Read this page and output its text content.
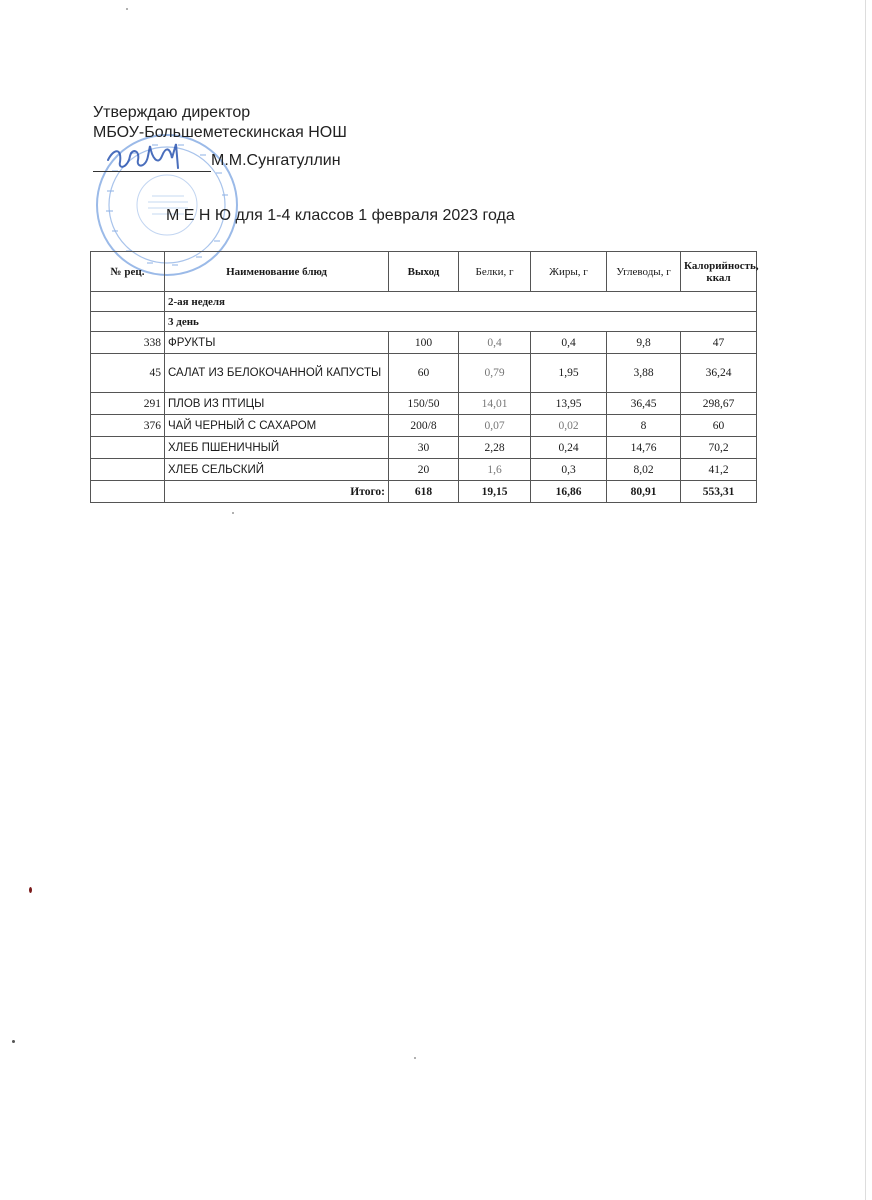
Утверждаю директор
МБОУ-Большеметескинская НОШ
М.М.Сунгатуллин
М Е Н Ю для 1-4 классов 1 февраля 2023 года
№ рец.	Наименование блюд	Выход	Белки, г	Жиры, г	Углеводы, г	Калорийность, ккал
	2-ая неделя					
	3 день					
338	ФРУКТЫ	100	0,4	0,4	9,8	47
45	САЛАТ ИЗ БЕЛОКОЧАННОЙ КАПУСТЫ	60	0,79	1,95	3,88	36,24
291	ПЛОВ ИЗ ПТИЦЫ	150/50	14,01	13,95	36,45	298,67
376	ЧАЙ ЧЕРНЫЙ С САХАРОМ	200/8	0,07	0,02	8	60
	ХЛЕБ ПШЕНИЧНЫЙ	30	2,28	0,24	14,76	70,2
	ХЛЕБ СЕЛЬСКИЙ	20	1,6	0,3	8,02	41,2
	Итого:	618	19,15	16,86	80,91	553,31
